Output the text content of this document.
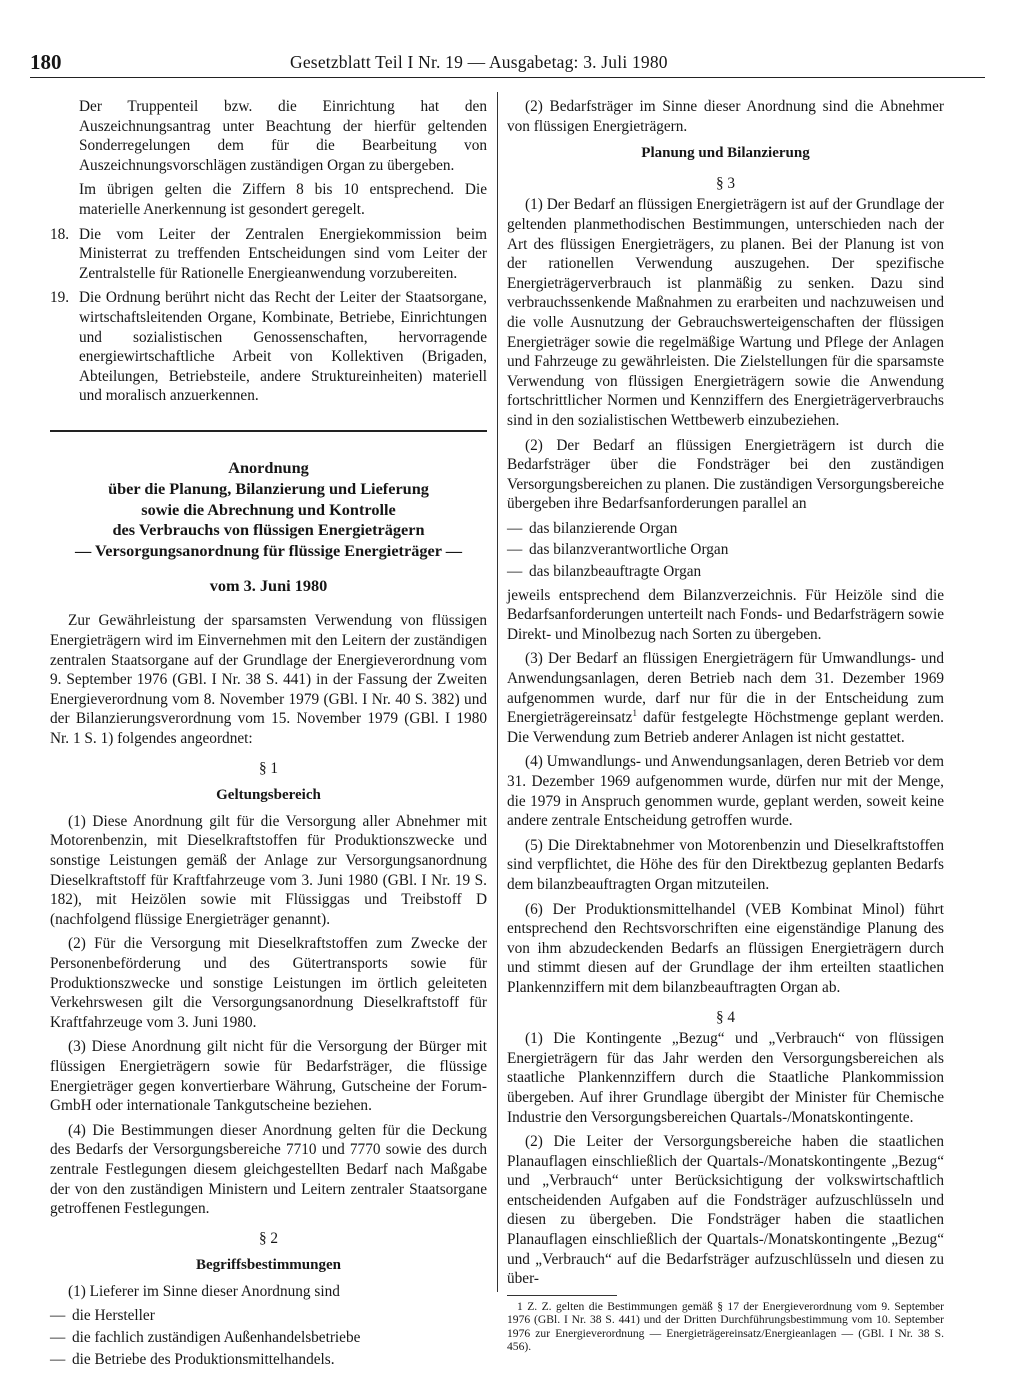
180	Gesetzblatt Teil I Nr. 19 — Ausgabetag: 3. Juli 1980

Der Truppenteil bzw. die Einrichtung hat den Auszeichnungsantrag unter Beachtung der hierfür geltenden Sonderregelungen dem für die Bearbeitung von Auszeichnungsvorschlägen zuständigen Organ zu übergeben.

Im übrigen gelten die Ziffern 8 bis 10 entsprechend. Die materielle Anerkennung ist gesondert geregelt.

18. Die vom Leiter der Zentralen Energiekommission beim Ministerrat zu treffenden Entscheidungen sind vom Leiter der Zentralstelle für Rationelle Energieanwendung vorzubereiten.

19. Die Ordnung berührt nicht das Recht der Leiter der Staatsorgane, wirtschaftsleitenden Organe, Kombinate, Betriebe, Einrichtungen und sozialistischen Genossenschaften, hervorragende energiewirtschaftliche Arbeit von Kollektiven (Brigaden, Abteilungen, Betriebsteile, andere Struktureinheiten) materiell und moralisch anzuerkennen.

Anordnung
über die Planung, Bilanzierung und Lieferung
sowie die Abrechnung und Kontrolle
des Verbrauchs von flüssigen Energieträgern
— Versorgungsanordnung für flüssige Energieträger —
vom 3. Juni 1980

Zur Gewährleistung der sparsamsten Verwendung von flüssigen Energieträgern wird im Einvernehmen mit den Leitern der zuständigen zentralen Staatsorgane auf der Grundlage der Energieverordnung vom 9. September 1976 (GBl. I Nr. 38 S. 441) in der Fassung der Zweiten Energieverordnung vom 8. November 1979 (GBl. I Nr. 40 S. 382) und der Bilanzierungsverordnung vom 15. November 1979 (GBl. I 1980 Nr. 1 S. 1) folgendes angeordnet:

§ 1
Geltungsbereich

(1) Diese Anordnung gilt für die Versorgung aller Abnehmer mit Motorenbenzin, mit Dieselkraftstoffen für Produktionszwecke und sonstige Leistungen gemäß der Anlage zur Versorgungsanordnung Dieselkraftstoff für Kraftfahrzeuge vom 3. Juni 1980 (GBl. I Nr. 19 S. 182), mit Heizölen sowie mit Flüssiggas und Treibstoff D (nachfolgend flüssige Energieträger genannt).

(2) Für die Versorgung mit Dieselkraftstoffen zum Zwecke der Personenbeförderung und des Gütertransports sowie für Produktionszwecke und sonstige Leistungen im örtlich geleiteten Verkehrswesen gilt die Versorgungsanordnung Dieselkraftstoff für Kraftfahrzeuge vom 3. Juni 1980.

(3) Diese Anordnung gilt nicht für die Versorgung der Bürger mit flüssigen Energieträgern sowie für Bedarfsträger, die flüssige Energieträger gegen konvertierbare Währung, Gutscheine der Forum-GmbH oder internationale Tankgutscheine beziehen.

(4) Die Bestimmungen dieser Anordnung gelten für die Deckung des Bedarfs der Versorgungsbereiche 7710 und 7770 sowie des durch zentrale Festlegungen diesem gleichgestellten Bedarf nach Maßgabe der von den zuständigen Ministern und Leitern zentraler Staatsorgane getroffenen Festlegungen.

§ 2
Begriffsbestimmungen

(1) Lieferer im Sinne dieser Anordnung sind

— die Hersteller
— die fachlich zuständigen Außenhandelsbetriebe
— die Betriebe des Produktionsmittelhandels.

(2) Bedarfsträger im Sinne dieser Anordnung sind die Abnehmer von flüssigen Energieträgern.

Planung und Bilanzierung
§ 3

(1) Der Bedarf an flüssigen Energieträgern ist auf der Grundlage der geltenden planmethodischen Bestimmungen, unterschieden nach der Art des flüssigen Energieträgers, zu planen. Bei der Planung ist von der rationellen Verwendung auszugehen. Der spezifische Energieträgerverbrauch ist planmäßig zu senken. Dazu sind verbrauchssenkende Maßnahmen zu erarbeiten und nachzuweisen und die volle Ausnutzung der Gebrauchswerteigenschaften der flüssigen Energieträger sowie die regelmäßige Wartung und Pflege der Anlagen und Fahrzeuge zu gewährleisten. Die Zielstellungen für die sparsamste Verwendung von flüssigen Energieträgern sowie die Anwendung fortschrittlicher Normen und Kennziffern des Energieträgerverbrauchs sind in den sozialistischen Wettbewerb einzubeziehen.

(2) Der Bedarf an flüssigen Energieträgern ist durch die Bedarfsträger über die Fondsträger bei den zuständigen Versorgungsbereichen zu planen. Die zuständigen Versorgungsbereiche übergeben ihre Bedarfsanforderungen parallel an

— das bilanzierende Organ
— das bilanzverantwortliche Organ
— das bilanzbeauftragte Organ

jeweils entsprechend dem Bilanzverzeichnis. Für Heizöle sind die Bedarfsanforderungen unterteilt nach Fonds- und Bedarfsträgern sowie Direkt- und Minolbezug nach Sorten zu übergeben.

(3) Der Bedarf an flüssigen Energieträgern für Umwandlungs- und Anwendungsanlagen, deren Betrieb nach dem 31. Dezember 1969 aufgenommen wurde, darf nur für die in der Entscheidung zum Energieträgereinsatz$^1$ dafür festgelegte Höchstmenge geplant werden. Die Verwendung zum Betrieb anderer Anlagen ist nicht gestattet.

(4) Umwandlungs- und Anwendungsanlagen, deren Betrieb vor dem 31. Dezember 1969 aufgenommen wurde, dürfen nur mit der Menge, die 1979 in Anspruch genommen wurde, geplant werden, soweit keine andere zentrale Entscheidung getroffen wurde.

(5) Die Direktabnehmer von Motorenbenzin und Dieselkraftstoffen sind verpflichtet, die Höhe des für den Direktbezug geplanten Bedarfs dem bilanzbeauftragten Organ mitzuteilen.

(6) Der Produktionsmittelhandel (VEB Kombinat Minol) führt entsprechend den Rechtsvorschriften eine eigenständige Planung des von ihm abzudeckenden Bedarfs an flüssigen Energieträgern durch und stimmt diesen auf der Grundlage der ihm erteilten staatlichen Plankennziffern mit dem bilanzbeauftragten Organ ab.

§ 4

(1) Die Kontingente „Bezug“ und „Verbrauch“ von flüssigen Energieträgern für das Jahr werden den Versorgungsbereichen als staatliche Plankennziffern durch die Staatliche Plankommission übergeben. Auf ihrer Grundlage übergibt der Minister für Chemische Industrie den Versorgungsbereichen Quartals-/Monatskontingente.

(2) Die Leiter der Versorgungsbereiche haben die staatlichen Planauflagen einschließlich der Quartals-/Monatskontingente „Bezug“ und „Verbrauch“ unter Berücksichtigung der volkswirtschaftlich entscheidenden Aufgaben auf die Fondsträger aufzuschlüsseln und diesen zu übergeben. Die Fondsträger haben die staatlichen Planauflagen einschließlich der Quartals-/Monatskontingente „Bezug“ und „Verbrauch“ auf die Bedarfsträger aufzuschlüsseln und diesen zu über-

1 Z. Z. gelten die Bestimmungen gemäß § 17 der Energieverordnung vom 9. September 1976 (GBl. I Nr. 38 S. 441) und der Dritten Durchführungsbestimmung vom 10. September 1976 zur Energieverordnung — Energieträgereinsatz/Energieanlagen — (GBl. I Nr. 38 S. 456).
